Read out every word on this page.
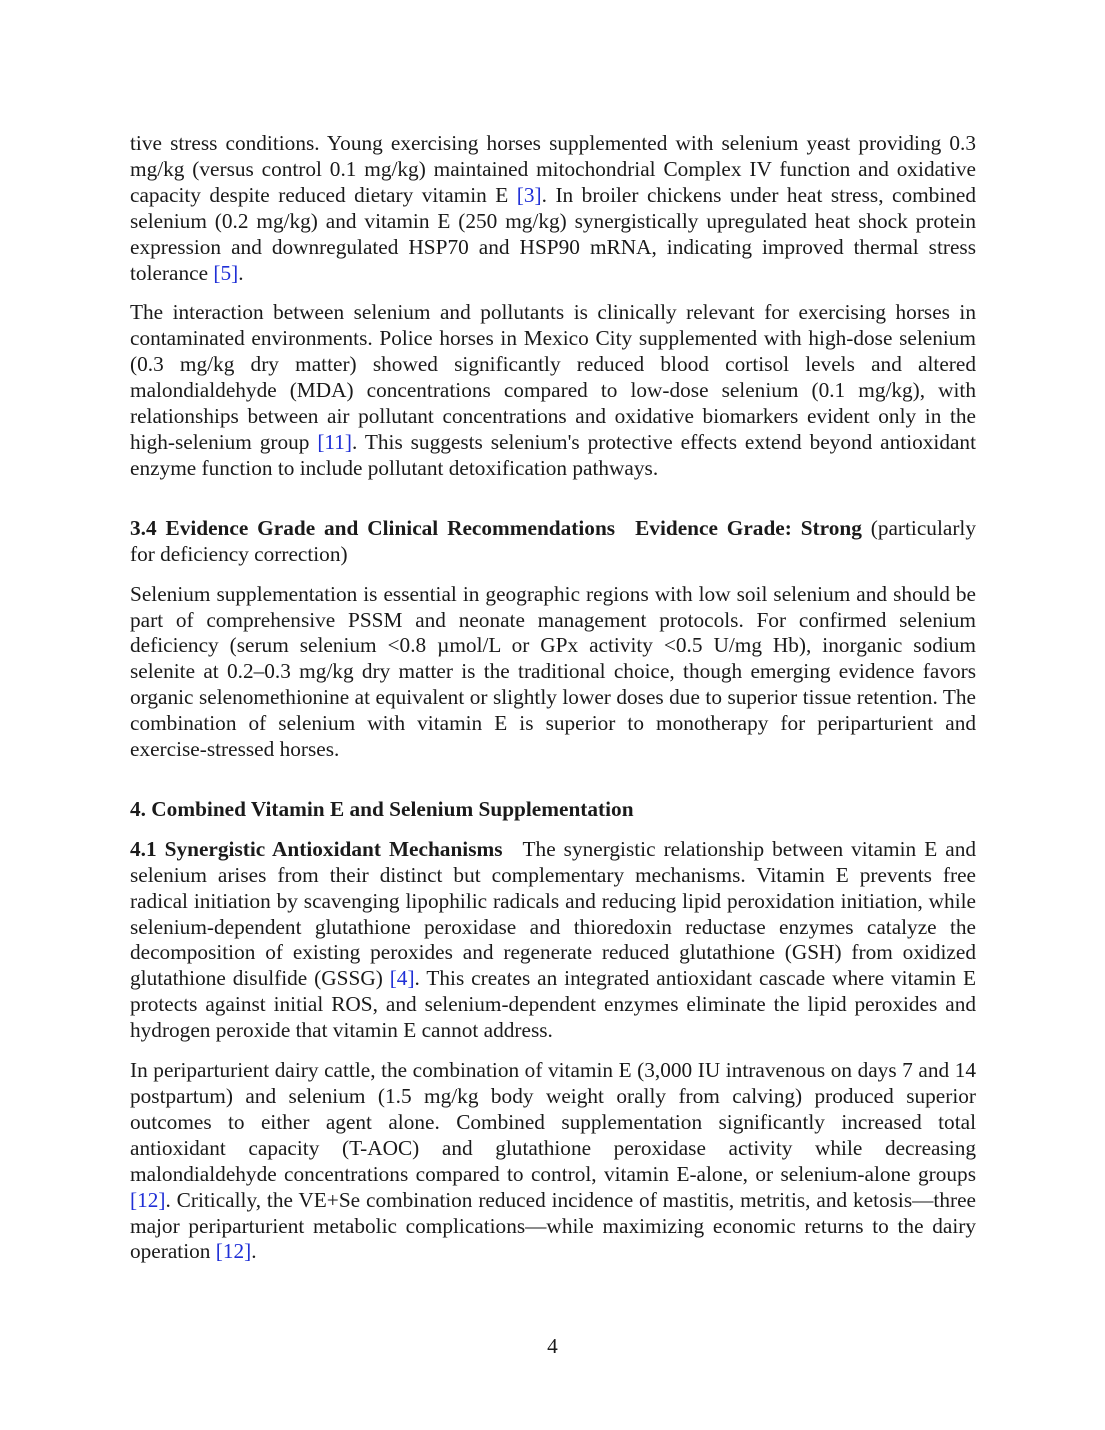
tive stress conditions. Young exercising horses supplemented with selenium yeast providing 0.3 mg/kg (versus control 0.1 mg/kg) maintained mitochondrial Complex IV function and oxidative capacity despite reduced dietary vitamin E [3]. In broiler chickens under heat stress, combined selenium (0.2 mg/kg) and vitamin E (250 mg/kg) synergistically upregulated heat shock protein expression and downregulated HSP70 and HSP90 mRNA, indicating improved thermal stress tolerance [5].

The interaction between selenium and pollutants is clinically relevant for exercising horses in contaminated environments. Police horses in Mexico City supplemented with high-dose selenium (0.3 mg/kg dry matter) showed significantly reduced blood cortisol levels and altered malondialdehyde (MDA) concentrations compared to low-dose selenium (0.1 mg/kg), with relationships between air pollutant concentrations and oxidative biomarkers evident only in the high-selenium group [11]. This suggests selenium's protective effects extend beyond antioxidant enzyme function to include pollutant detoxification pathways.

3.4 Evidence Grade and Clinical Recommendations Evidence Grade: Strong (particularly for deficiency correction)

Selenium supplementation is essential in geographic regions with low soil selenium and should be part of comprehensive PSSM and neonate management protocols. For confirmed selenium deficiency (serum selenium <0.8 µmol/L or GPx activity <0.5 U/mg Hb), inorganic sodium selenite at 0.2–0.3 mg/kg dry matter is the traditional choice, though emerging evidence favors organic selenomethionine at equivalent or slightly lower doses due to superior tissue retention. The combination of selenium with vitamin E is superior to monotherapy for periparturient and exercise-stressed horses.

4. Combined Vitamin E and Selenium Supplementation

4.1 Synergistic Antioxidant Mechanisms The synergistic relationship between vitamin E and selenium arises from their distinct but complementary mechanisms. Vitamin E prevents free radical initiation by scavenging lipophilic radicals and reducing lipid peroxidation initiation, while selenium-dependent glutathione peroxidase and thioredoxin reductase enzymes catalyze the decomposition of existing peroxides and regenerate reduced glutathione (GSH) from oxidized glutathione disulfide (GSSG) [4]. This creates an integrated antioxidant cascade where vitamin E protects against initial ROS, and selenium-dependent enzymes eliminate the lipid peroxides and hydrogen peroxide that vitamin E cannot address.

In periparturient dairy cattle, the combination of vitamin E (3,000 IU intravenous on days 7 and 14 postpartum) and selenium (1.5 mg/kg body weight orally from calving) produced superior outcomes to either agent alone. Combined supplementation significantly increased total antioxidant capacity (T-AOC) and glutathione peroxidase activity while decreasing malondialdehyde concentrations compared to control, vitamin E-alone, or selenium-alone groups [12]. Critically, the VE+Se combination reduced incidence of mastitis, metritis, and ketosis—three major periparturient metabolic complications—while maximizing economic returns to the dairy operation [12].

4
